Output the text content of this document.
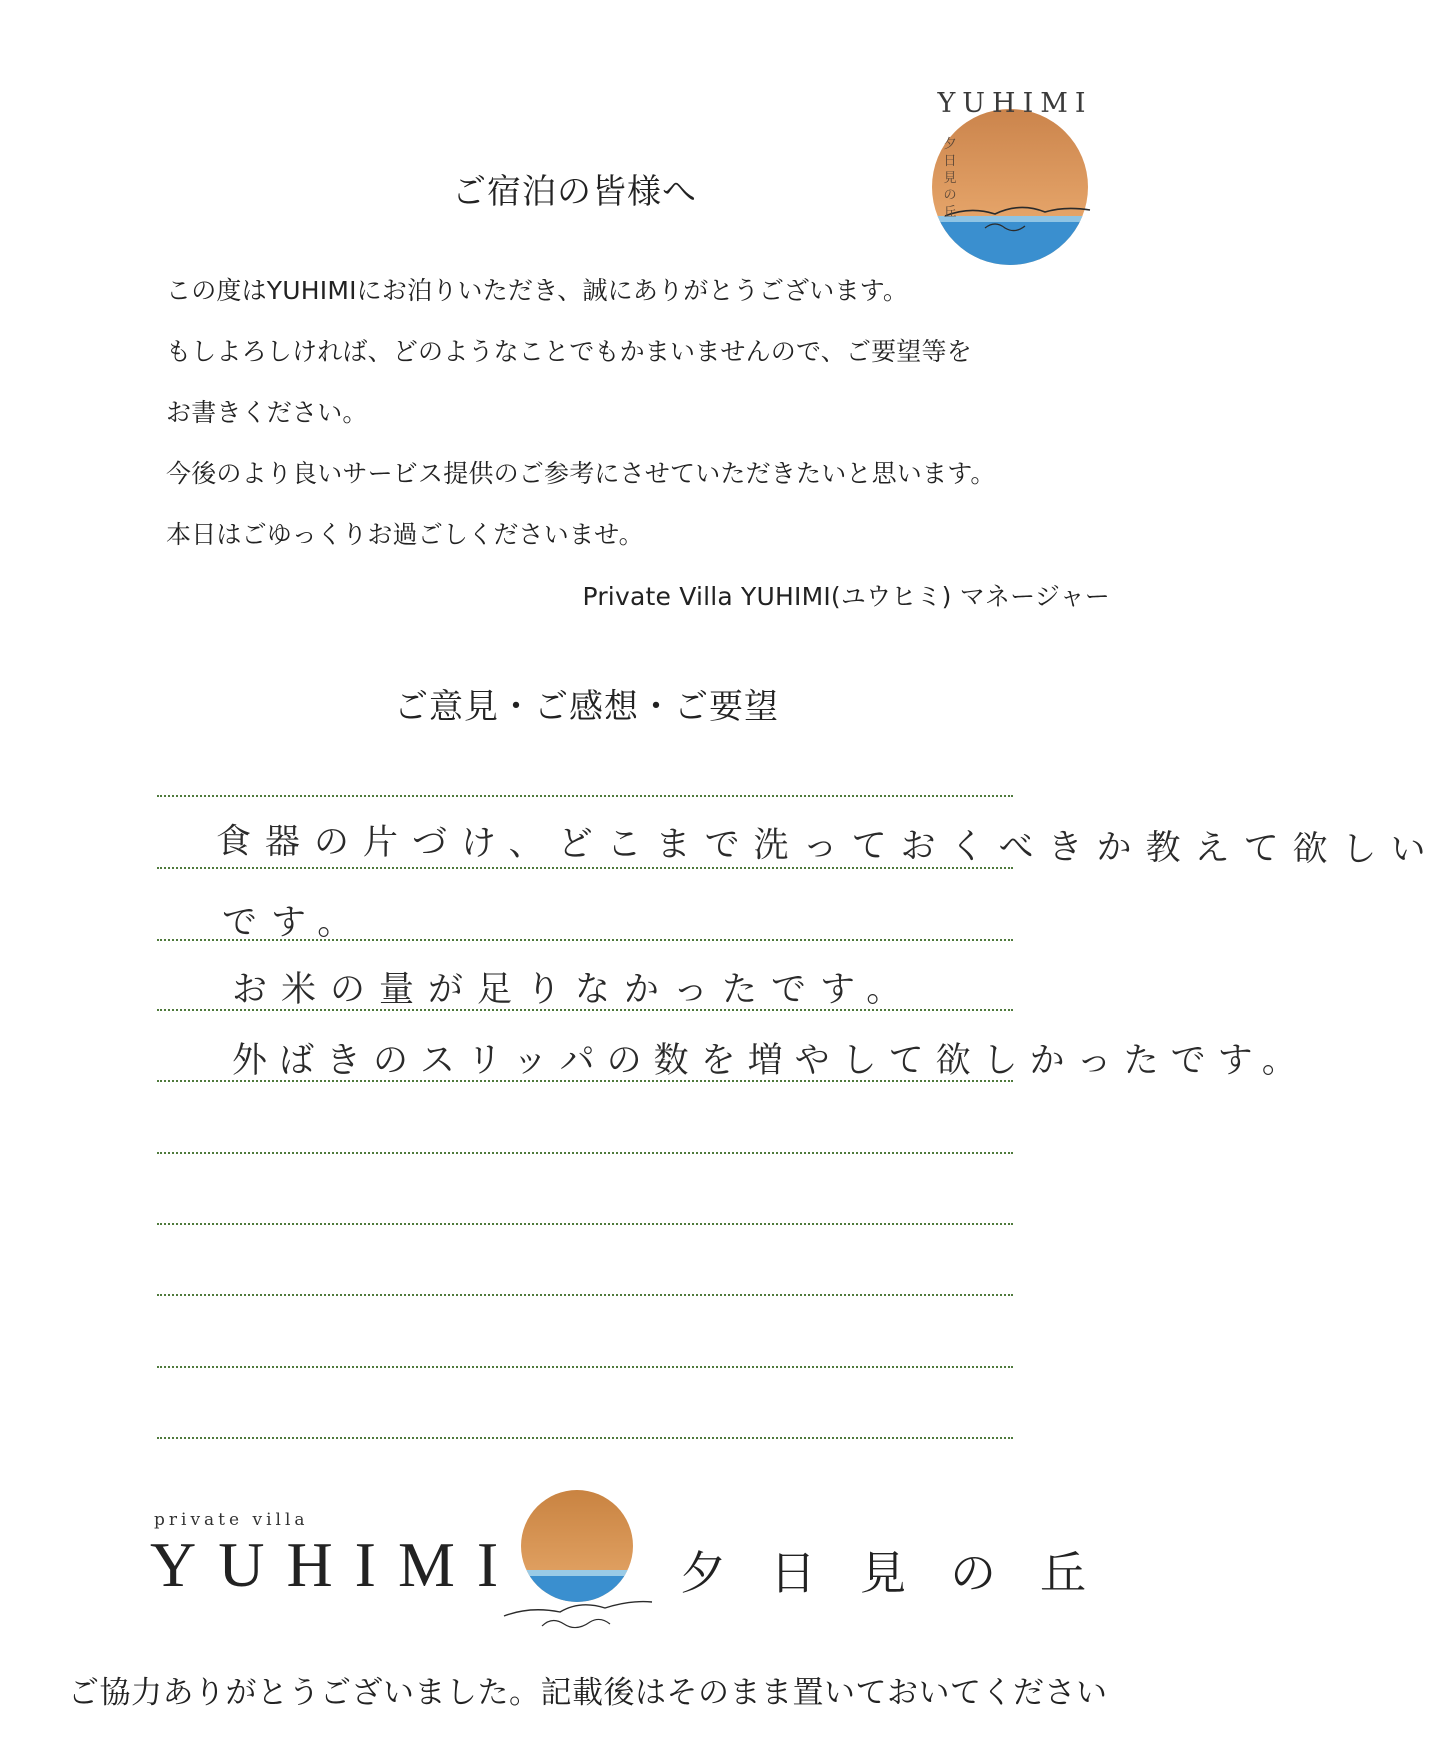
YUHIMI
夕日見の丘
ご宿泊の皆様へ
この度はYUHIMIにお泊りいただき、誠にありがとうございます。
もしよろしければ、どのようなことでもかまいませんので、ご要望等を
お書きください。
今後のより良いサービス提供のご参考にさせていただきたいと思います。
本日はごゆっくりお過ごしくださいませ。
Private Villa YUHIMI(ユウヒミ) マネージャー
ご意見・ご感想・ご要望
食器の片づけ、どこまで洗っておくべきか教えて欲しい
です。
お米の量が足りなかったです。
外ばきのスリッパの数を増やして欲しかったです。
private villa
YUHIMI	夕日見の丘
ご協力ありがとうございました。記載後はそのまま置いておいてください
